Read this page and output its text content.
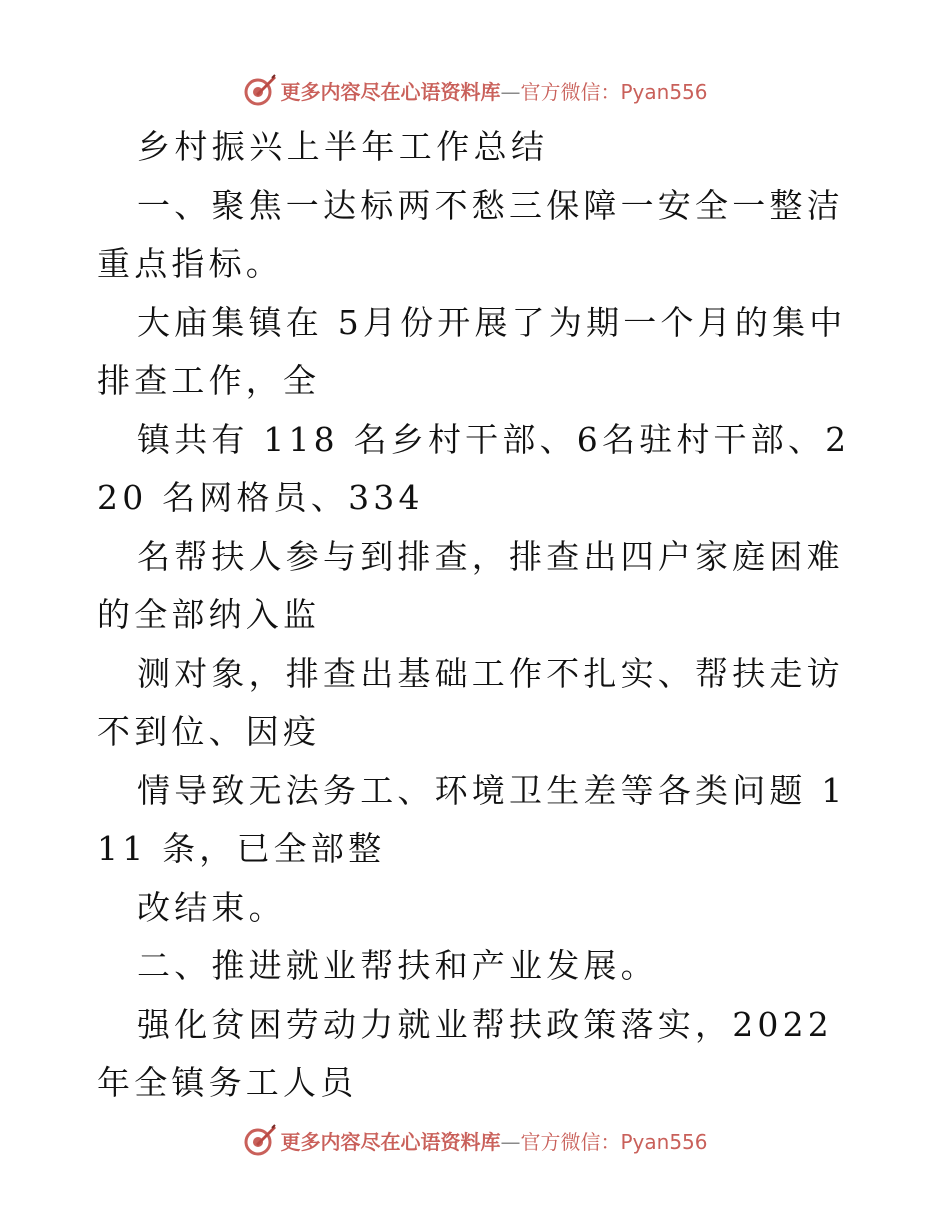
更多内容尽在心语资料库—官方微信：Pyan556

乡村振兴上半年工作总结

一、聚焦一达标两不愁三保障一安全一整洁重点指标。

大庙集镇在 5月份开展了为期一个月的集中排查工作，全

镇共有 118 名乡村干部、6名驻村干部、220 名网格员、334

名帮扶人参与到排查，排查出四户家庭困难的全部纳入监

测对象，排查出基础工作不扎实、帮扶走访不到位、因疫

情导致无法务工、环境卫生差等各类问题 111 条，已全部整

改结束。

二、推进就业帮扶和产业发展。

强化贫困劳动力就业帮扶政策落实，2022 年全镇务工人员

更多内容尽在心语资料库—官方微信：Pyan556
